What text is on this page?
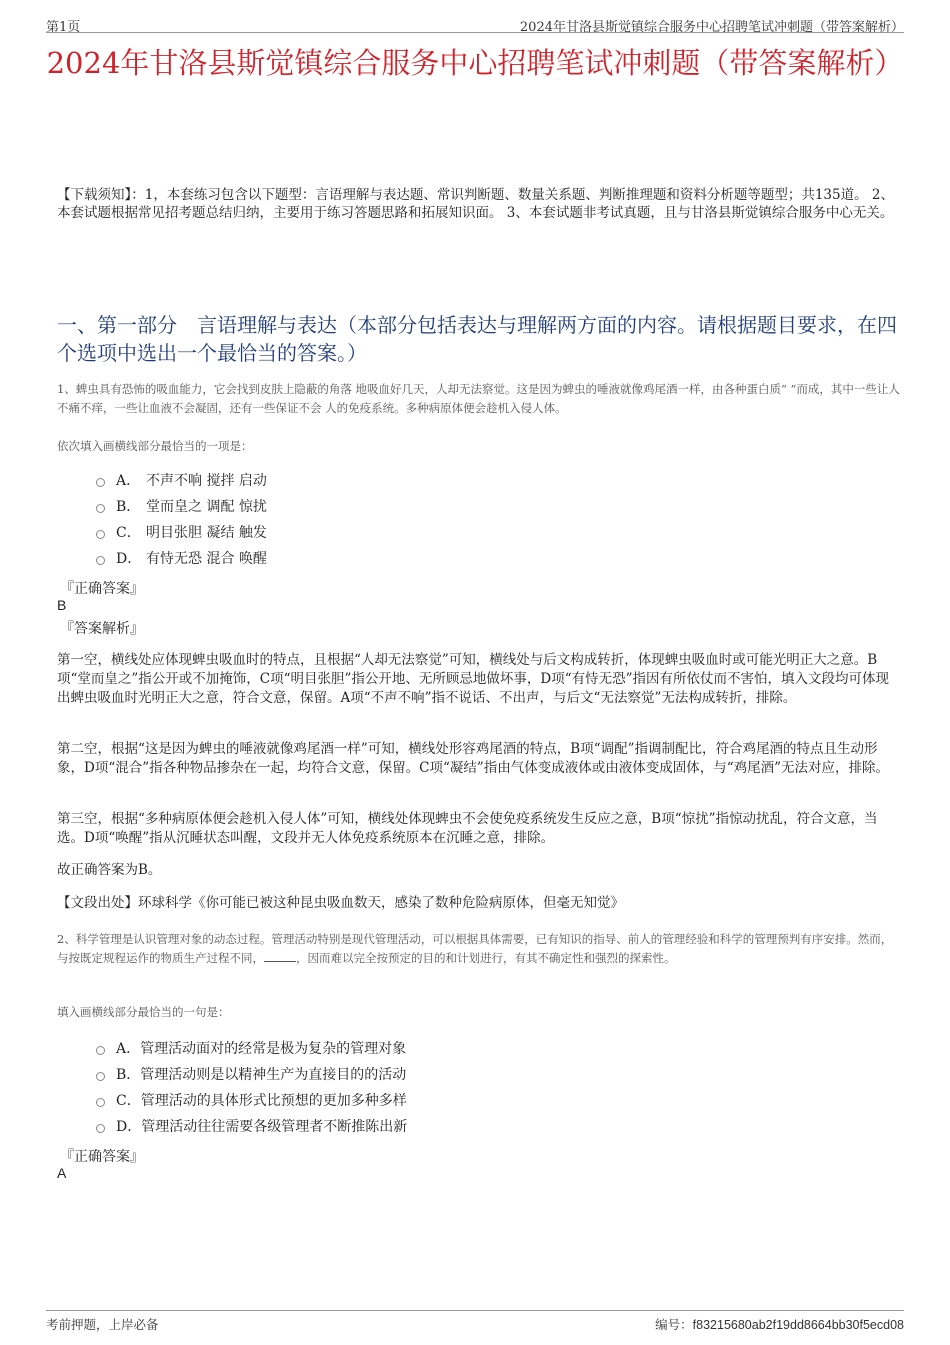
第1页	2024年甘洛县斯觉镇综合服务中心招聘笔试冲刺题（带答案解析）
2024年甘洛县斯觉镇综合服务中心招聘笔试冲刺题（带答案解析）
【下载须知】：1，本套练习包含以下题型：言语理解与表达题、常识判断题、数量关系题、判断推理题和资料分析题等题型；共135道。 2、本套试题根据常见招考题总结归纳，主要用于练习答题思路和拓展知识面。 3、本套试题非考试真题，且与甘洛县斯觉镇综合服务中心无关。
一、第一部分　言语理解与表达（本部分包括表达与理解两方面的内容。请根据题目要求，在四个选项中选出一个最恰当的答案。）
1、蜱虫具有恐怖的吸血能力，它会找到皮肤上隐蔽的角落 地吸血好几天，人却无法察觉。这是因为蜱虫的唾液就像鸡尾酒一样，由各种蛋白质“ ”而成，其中一些让人不痛不痒，一些让血液不会凝固，还有一些保证不会 人的免疫系统。多种病原体便会趁机入侵人体。
依次填入画横线部分最恰当的一项是：
A． 不声不响 搅拌 启动
B． 堂而皇之 调配 惊扰
C． 明目张胆 凝结 触发
D． 有恃无恐 混合 唤醒
『正确答案』
B
『答案解析』
第一空，横线处应体现蜱虫吸血时的特点，且根据“人却无法察觉”可知，横线处与后文构成转折，体现蜱虫吸血时或可能光明正大之意。B项“堂而皇之”指公开或不加掩饰，C项“明目张胆”指公开地、无所顾忌地做坏事，D项“有恃无恐”指因有所依仗而不害怕，填入文段均可体现出蜱虫吸血时光明正大之意，符合文意，保留。A项“不声不响”指不说话、不出声，与后文“无法察觉”无法构成转折，排除。
第二空，根据“这是因为蜱虫的唾液就像鸡尾酒一样”可知，横线处形容鸡尾酒的特点，B项“调配”指调制配比，符合鸡尾酒的特点且生动形象，D项“混合”指各种物品掺杂在一起，均符合文意，保留。C项“凝结”指由气体变成液体或由液体变成固体，与“鸡尾酒”无法对应，排除。
第三空，根据“多种病原体便会趁机入侵人体”可知，横线处体现蜱虫不会使免疫系统发生反应之意，B项“惊扰”指惊动扰乱，符合文意，当选。D项“唤醒”指从沉睡状态叫醒，文段并无人体免疫系统原本在沉睡之意，排除。
故正确答案为B。
【文段出处】环球科学《你可能已被这种昆虫吸血数天，感染了数种危险病原体，但毫无知觉》
2、科学管理是认识管理对象的动态过程。管理活动特别是现代管理活动，可以根据具体需要，已有知识的指导、前人的管理经验和科学的管理预判有序安排。然而，与按既定规程运作的物质生产过程不同，	，因而难以完全按预定的目的和计划进行，有其不确定性和强烈的探索性。
填入画横线部分最恰当的一句是：
A． 管理活动面对的经常是极为复杂的管理对象
B． 管理活动则是以精神生产为直接目的的活动
C． 管理活动的具体形式比预想的更加多种多样
D． 管理活动往往需要各级管理者不断推陈出新
『正确答案』
A
考前押题，上岸必备	编号：f83215680ab2f19dd8664bb30f5ecd08
